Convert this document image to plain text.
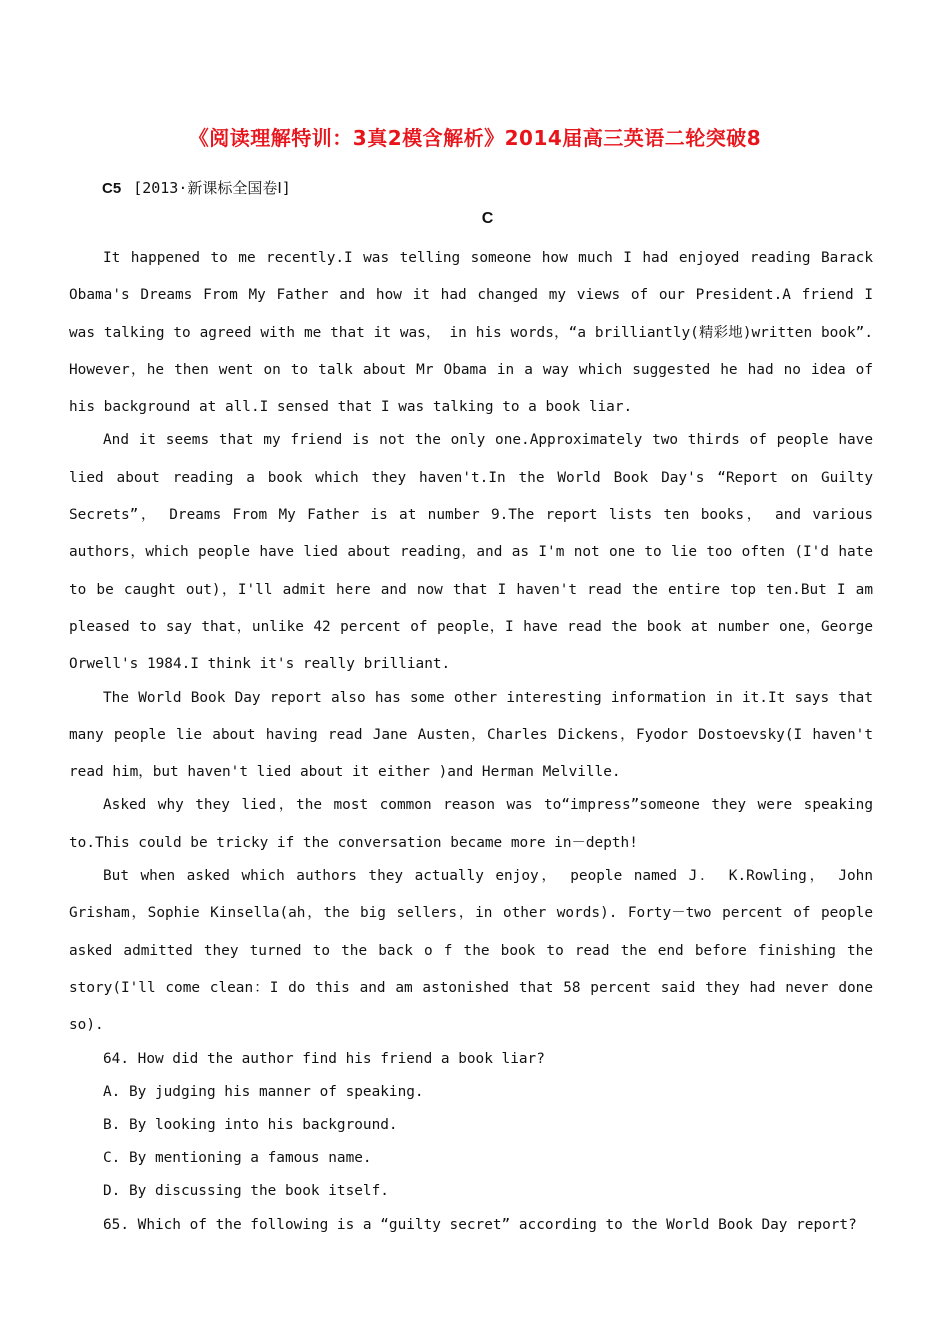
《阅读理解特训：3真2模含解析》2014届高三英语二轮突破8
C5 [2013·新课标全国卷Ⅰ]
C

It happened to me recently.I was telling someone how much I had enjoyed reading Barack Obama's Dreams From My Father and how it had changed my views of our President.A friend I was talking to agreed with me that it was， in his words，“a brilliantly(精彩地)written book”. However，he then went on to talk about Mr Obama in a way which suggested he had no idea of his background at all.I sensed that I was talking to a book liar.

And it seems that my friend is not the only one.Approximately two thirds of people have lied about reading a book which they haven't.In the World Book Day's “Report on Guilty Secrets”， Dreams From My Father is at number 9.The report lists ten books， and various authors，which people have lied about reading，and as I'm not one to lie too often (I'd hate to be caught out)，I'll admit here and now that I haven't read the entire top ten.But I am pleased to say that，unlike 42 percent of people，I have read the book at number one，George Orwell's 1984.I think it's really brilliant.

The World Book Day report also has some other interesting information in it.It says that many people lie about having read Jane Austen，Charles Dickens，Fyodor Dostoevsky(I haven't read him，but haven't lied about it either )and Herman Melville.

Asked why they lied，the most common reason was to“impress”someone they were speaking to.This could be tricky if the conversation became more in－depth!

But when asked which authors they actually enjoy， people named J． K.Rowling， John Grisham，Sophie Kinsella(ah，the big sellers，in other words). Forty－two percent of people asked admitted they turned to the back o f the book to read the end before finishing the story(I'll come clean：I do this and am astonished that 58 percent said they had never done so).

64. How did the author find his friend a book liar?

A. By judging his manner of speaking.

B. By looking into his background.

C. By mentioning a famous name.

D. By discussing the book itself.

65. Which of the following is a “guilty secret” according to the World Book Day report?
